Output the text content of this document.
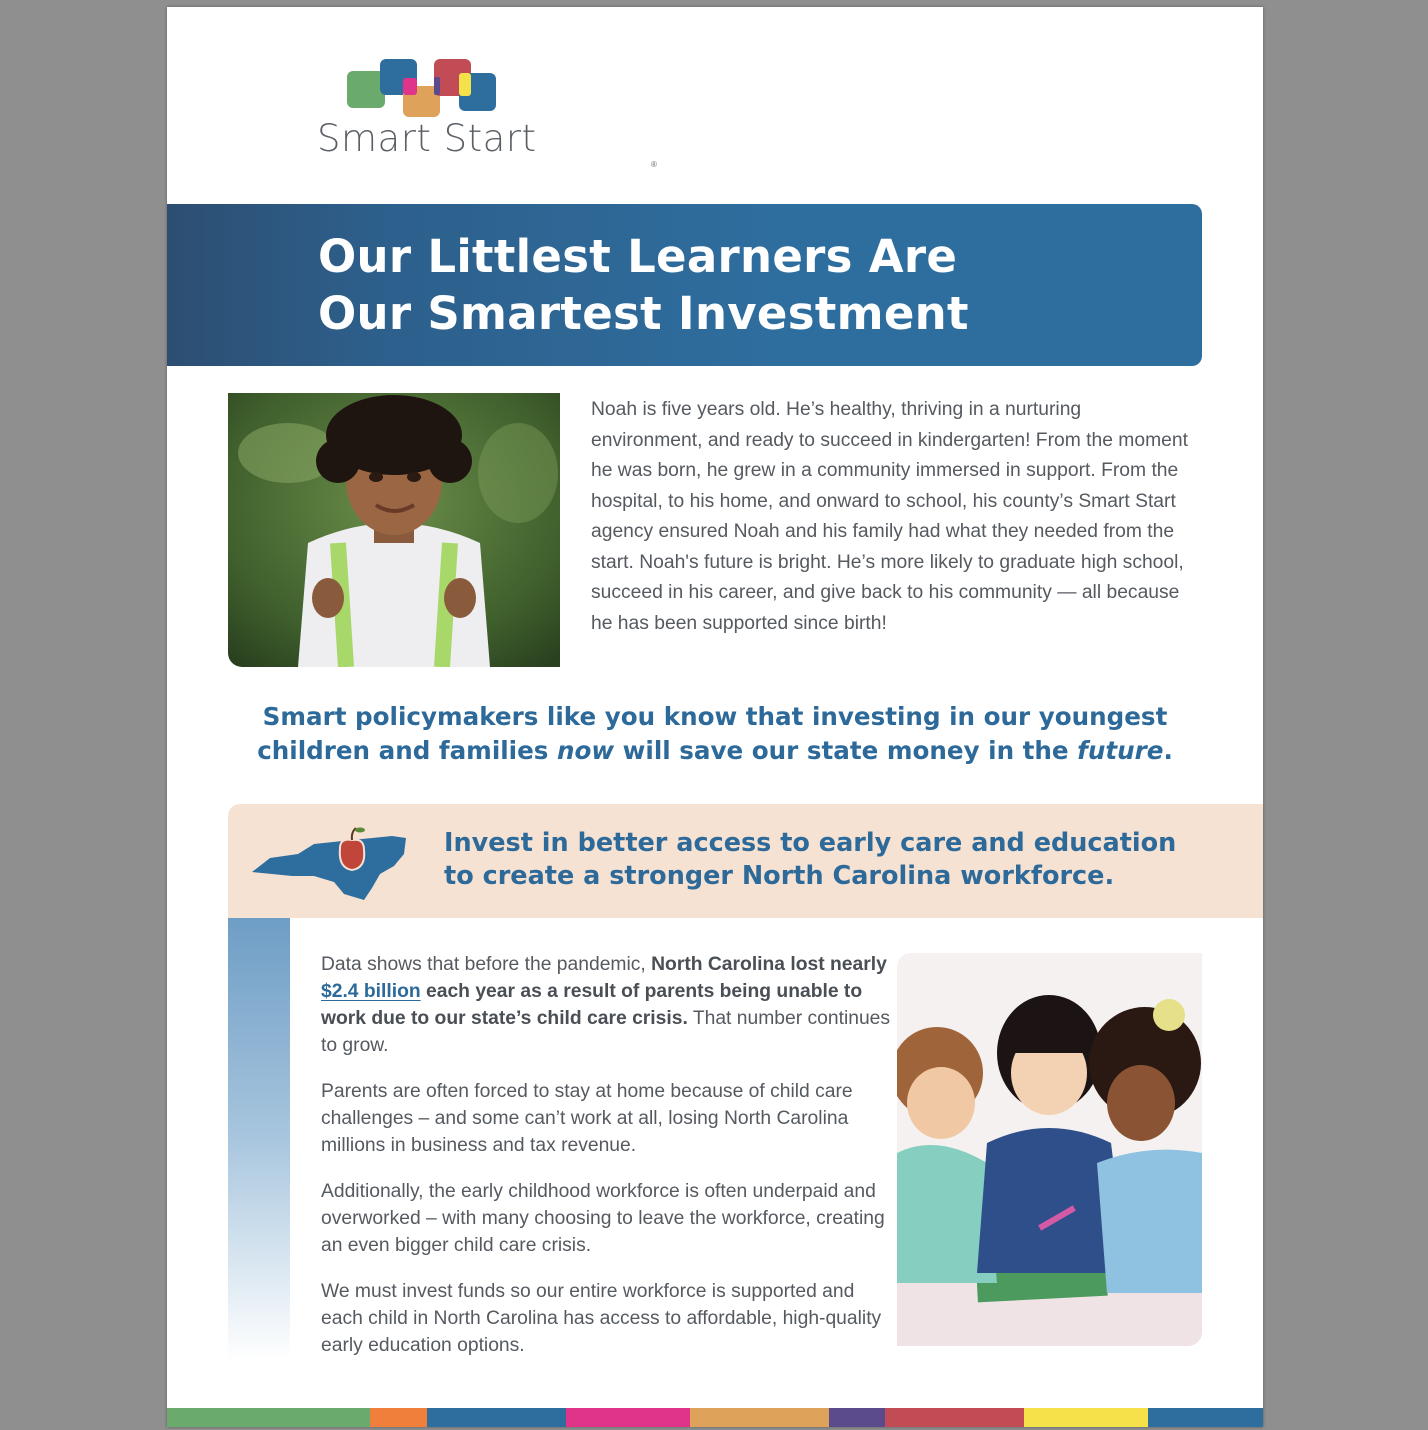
Smart Start
®
Our Littlest Learners Are
Our Smartest Investment

Noah is five years old. He’s healthy, thriving in a nurturing environment, and ready to succeed in kindergarten! From the moment he was born, he grew in a community immersed in support. From the hospital, to his home, and onward to school, his county’s Smart Start agency ensured Noah and his family had what they needed from the start. Noah's future is bright. He’s more likely to graduate high school, succeed in his career, and give back to his community — all because he has been supported since birth!

Smart policymakers like you know that investing in our youngest
children and families now will save our state money in the future.

Invest in better access to early care and education
to create a stronger North Carolina workforce.

Data shows that before the pandemic, North Carolina lost nearly $2.4 billion each year as a result of parents being unable to work due to our state’s child care crisis. That number continues to grow.

Parents are often forced to stay at home because of child care challenges – and some can’t work at all, losing North Carolina millions in business and tax revenue.

Additionally, the early childhood workforce is often underpaid and overworked – with many choosing to leave the workforce, creating an even bigger child care crisis.

We must invest funds so our entire workforce is supported and each child in North Carolina has access to affordable, high-quality early education options.
